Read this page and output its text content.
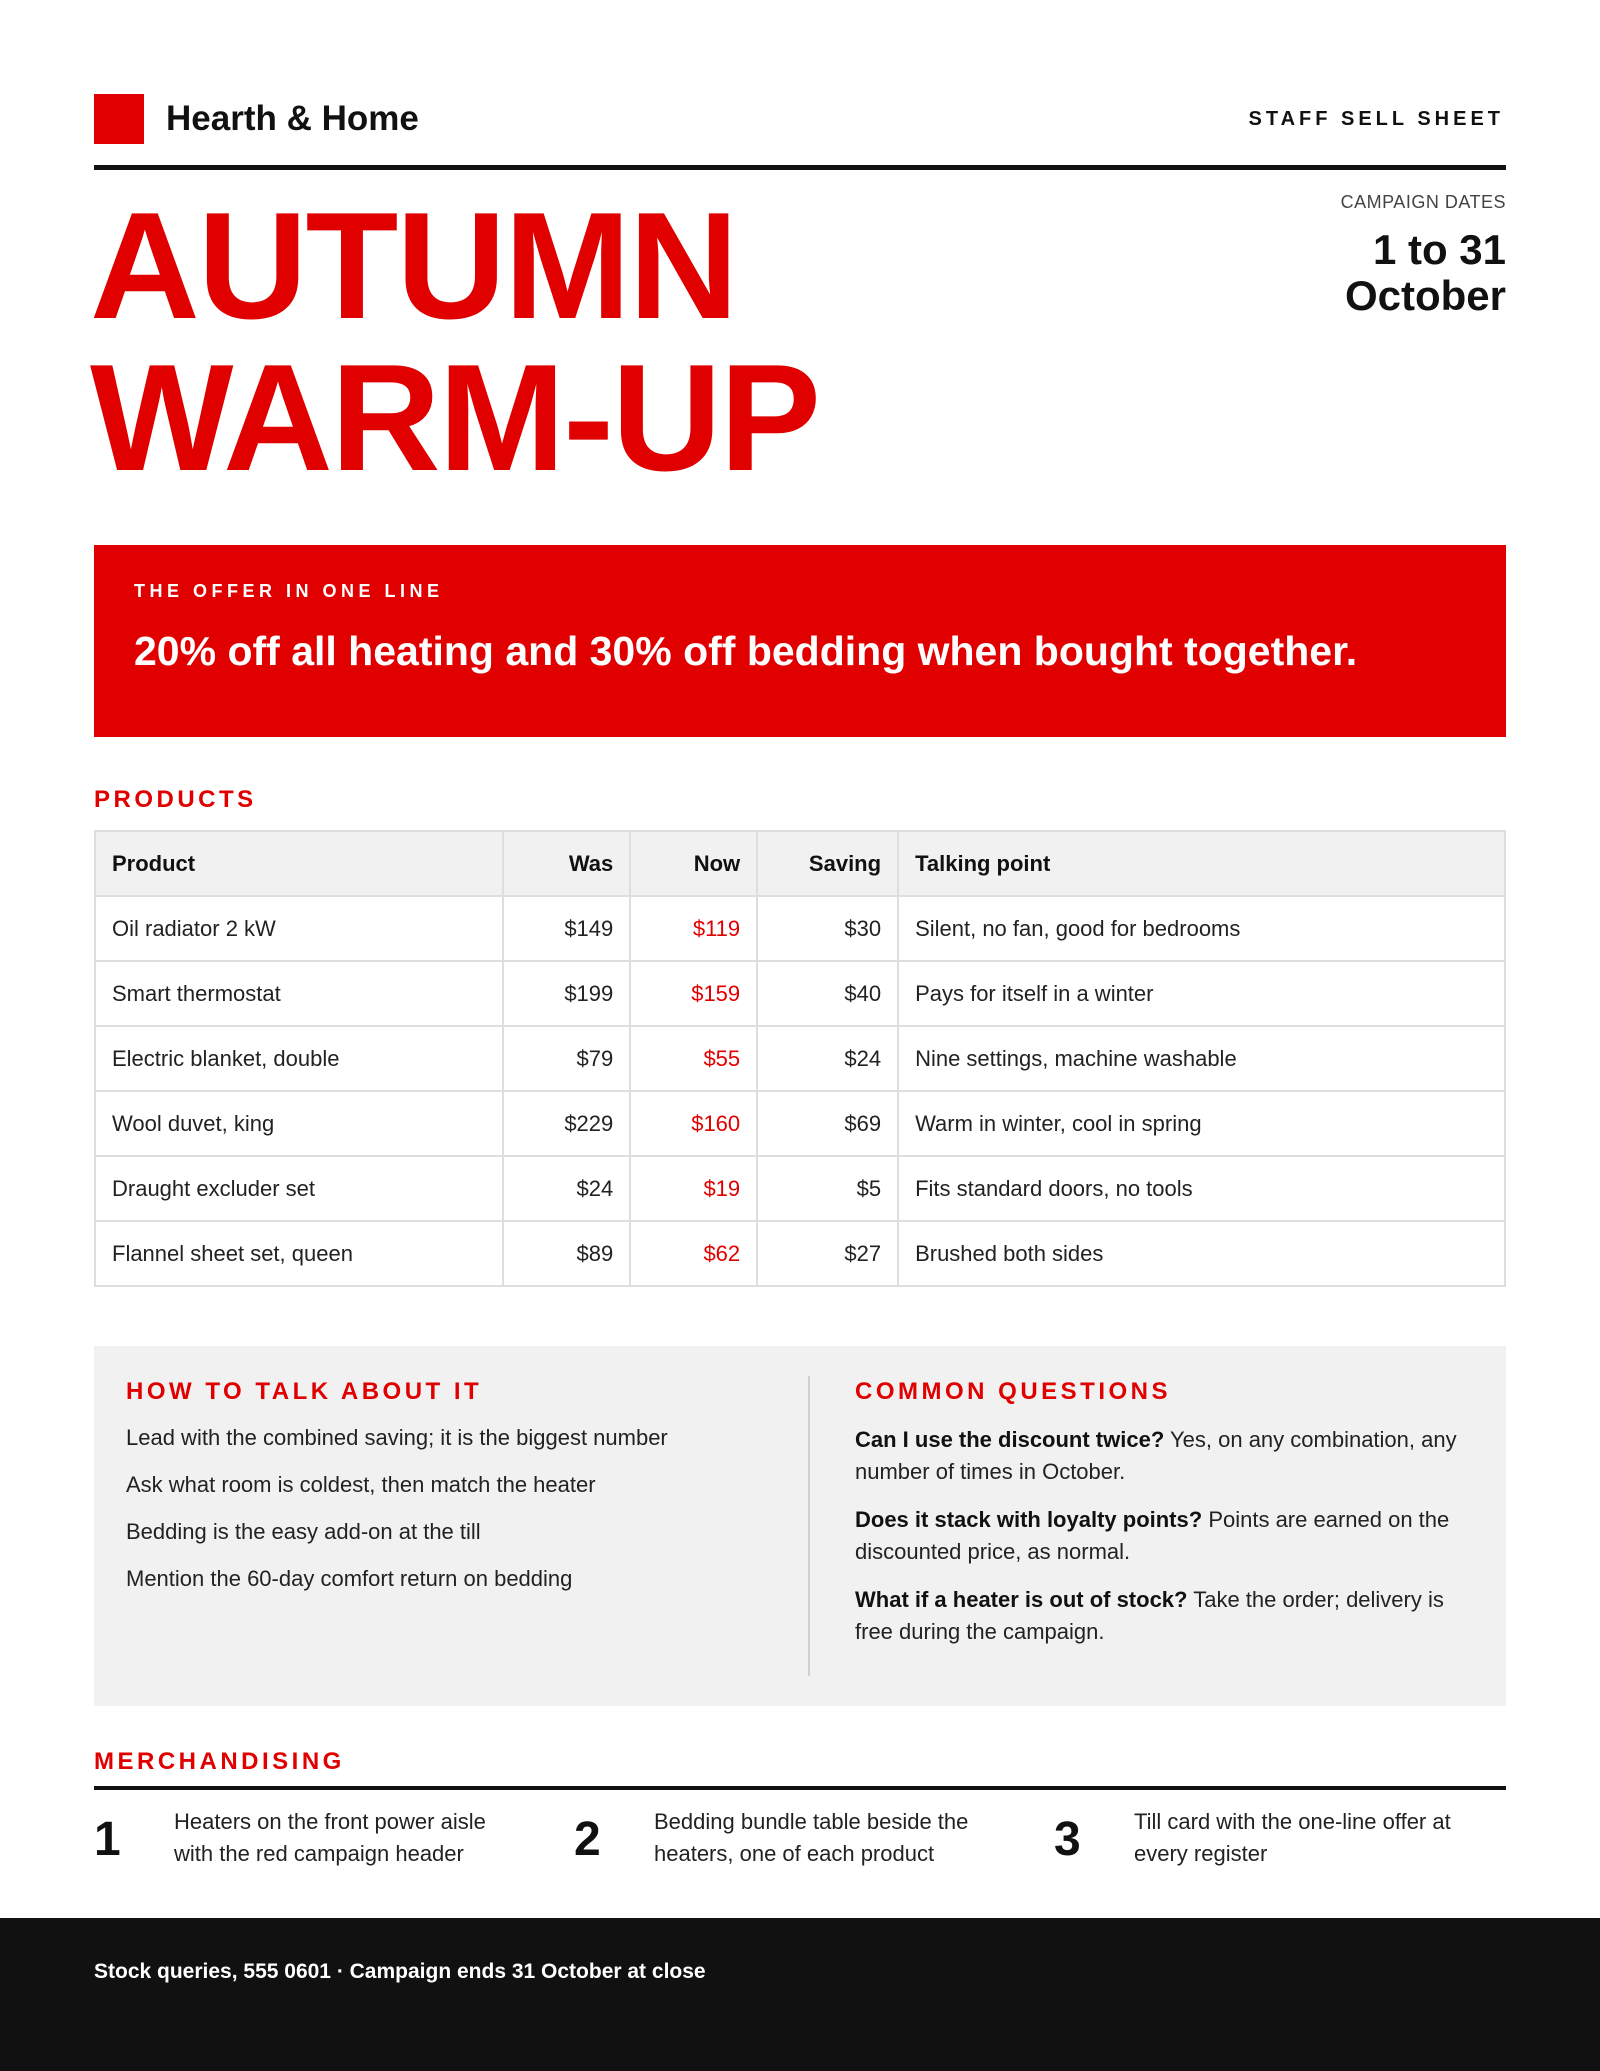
Hearth & Home	STAFF SELL SHEET
AUTUMN
WARM-UP
CAMPAIGN DATES
1 to 31
October
THE OFFER IN ONE LINE
20% off all heating and 30% off bedding when bought together.
PRODUCTS
Product	Was	Now	Saving	Talking point
Oil radiator 2 kW	$149	$119	$30	Silent, no fan, good for bedrooms
Smart thermostat	$199	$159	$40	Pays for itself in a winter
Electric blanket, double	$79	$55	$24	Nine settings, machine washable
Wool duvet, king	$229	$160	$69	Warm in winter, cool in spring
Draught excluder set	$24	$19	$5	Fits standard doors, no tools
Flannel sheet set, queen	$89	$62	$27	Brushed both sides
HOW TO TALK ABOUT IT
Lead with the combined saving; it is the biggest number
Ask what room is coldest, then match the heater
Bedding is the easy add-on at the till
Mention the 60-day comfort return on bedding
COMMON QUESTIONS

Can I use the discount twice? Yes, on any combination, any number of times in October.

Does it stack with loyalty points? Points are earned on the discounted price, as normal.

What if a heater is out of stock? Take the order; delivery is free during the campaign.

MERCHANDISING
1	Heaters on the front power aisle with the red campaign header	2	Bedding bundle table beside the heaters, one of each product	3	Till card with the one-line offer at every register
Stock queries, 555 0601 · Campaign ends 31 October at close
